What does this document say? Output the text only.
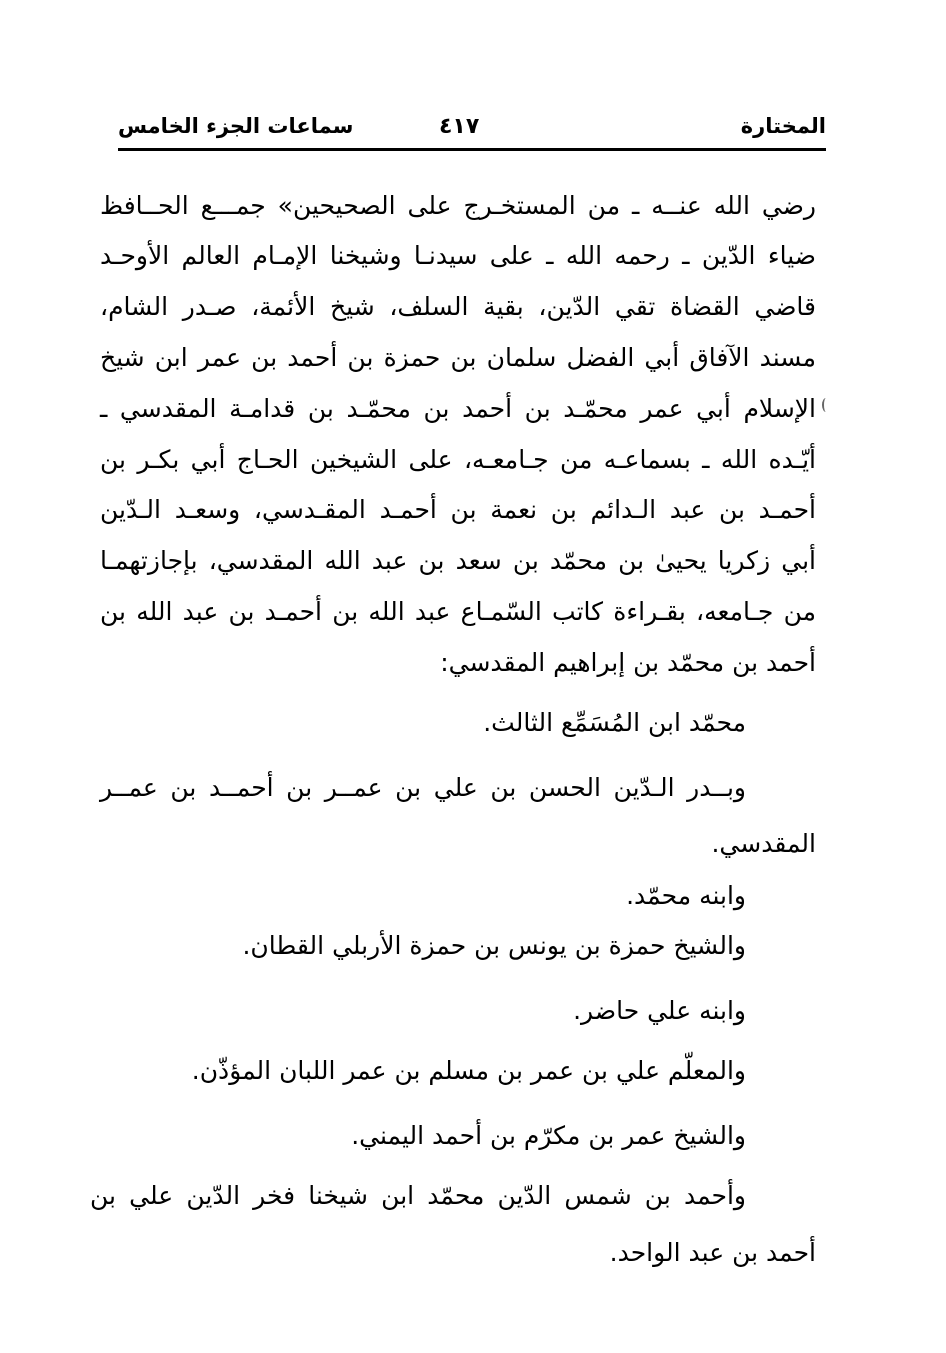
المختارة
٤١٧
سماعات الجزء الخامس
رضي الله عنــه ـ من المستخـرج على الصحيحين» جمـــع الحــافظ
ضياء الدّين ـ رحمه الله ـ على سيدنـا وشيخنا الإمـام العالم الأوحـد
قاضي القضاة تقي الدّين، بقية السلف، شيخ الأئمة، صـدر الشام،
مسند الآفاق أبي الفضل سلمان بن حمزة بن أحمد بن عمر ابن شيخ
الإسلام أبي عمر محمّـد بن أحمد بن محمّـد بن قدامـة المقدسي ـ
أيّـده الله ـ بسماعـه من جـامعـه، على الشيخين الحـاج أبي بكـر بن
أحمـد بن عبد الـدائم بن نعمة بن أحمـد المقـدسي، وسعـد الـدّين
أبي زكريا يحيىٰ بن محمّد بن سعد بن عبد الله المقدسي، بإجازتهمـا
من جـامعه، بقـراءة كاتب السّمـاع عبد الله بن أحمـد بن عبد الله بن
أحمد بن محمّد بن إبراهيم المقدسي:
محمّد ابن المُسَمِّع الثالث.
وبــدر الـدّين الحسن بن علي بن عمــر بن أحمــد بن عمــر
المقدسي.
وابنه محمّد.
والشيخ حمزة بن يونس بن حمزة الأربلي القطان.
وابنه علي حاضر.
والمعلّم علي بن عمر بن مسلم بن عمر اللبان المؤذّن.
والشيخ عمر بن مكرّم بن أحمد اليمني.
وأحمد بن شمس الدّين محمّد ابن شيخنا فخر الدّين علي بن
أحمد بن عبد الواحد.
